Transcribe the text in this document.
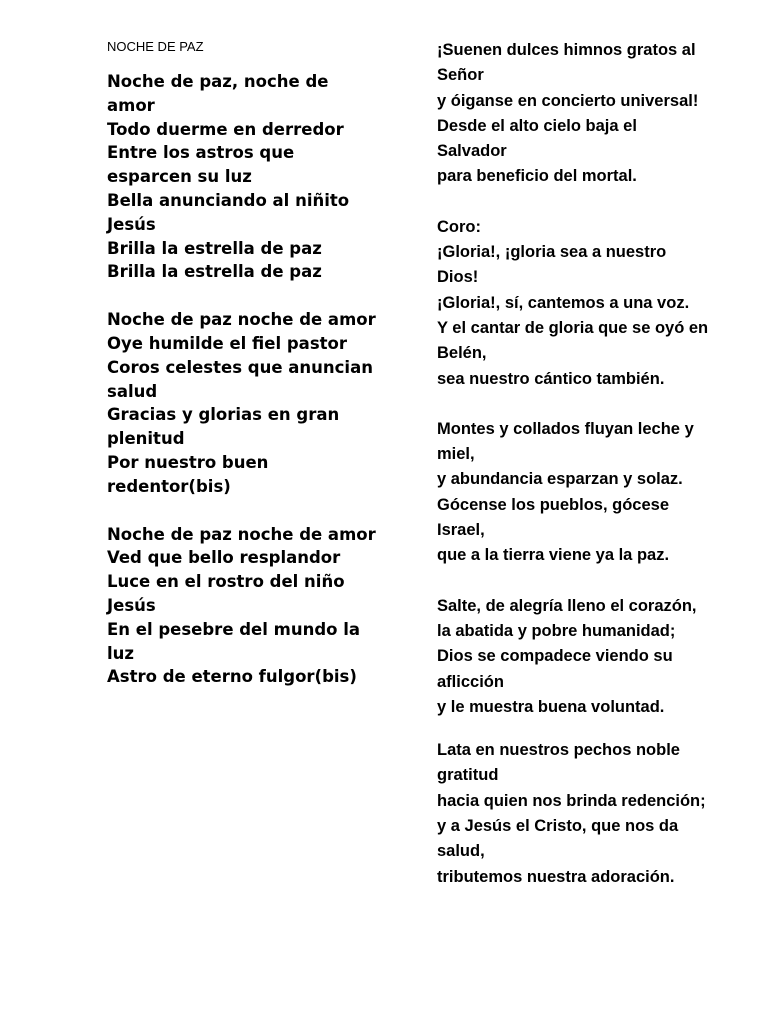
NOCHE DE PAZ

Noche de paz, noche de

amor

Todo duerme en derredor

Entre los astros que

esparcen su luz

Bella anunciando al niñito

Jesús

Brilla la estrella de paz

Brilla la estrella de paz

Noche de paz noche de amor

Oye humilde el fiel pastor

Coros celestes que anuncian

salud

Gracias y glorias en gran

plenitud

Por nuestro buen

redentor(bis)

Noche de paz noche de amor

Ved que bello resplandor

Luce en el rostro del niño

Jesús

En el pesebre del mundo la

luz

Astro de eterno fulgor(bis)

¡Suenen dulces himnos gratos al

Señor

y óiganse en concierto universal!

Desde el alto cielo baja el

Salvador

para beneficio del mortal.

Coro:

¡Gloria!, ¡gloria sea a nuestro

Dios!

¡Gloria!, sí, cantemos a una voz.

Y el cantar de gloria que se oyó en

Belén,

sea nuestro cántico también.

Montes y collados fluyan leche y

miel,

y abundancia esparzan y solaz.

Gócense los pueblos, gócese

Israel,

que a la tierra viene ya la paz.

Salte, de alegría lleno el corazón,

la abatida y pobre humanidad;

Dios se compadece viendo su

aflicción

y le muestra buena voluntad.

Lata en nuestros pechos noble

gratitud

hacia quien nos brinda redención;

y a Jesús el Cristo, que nos da

salud,

tributemos nuestra adoración.
